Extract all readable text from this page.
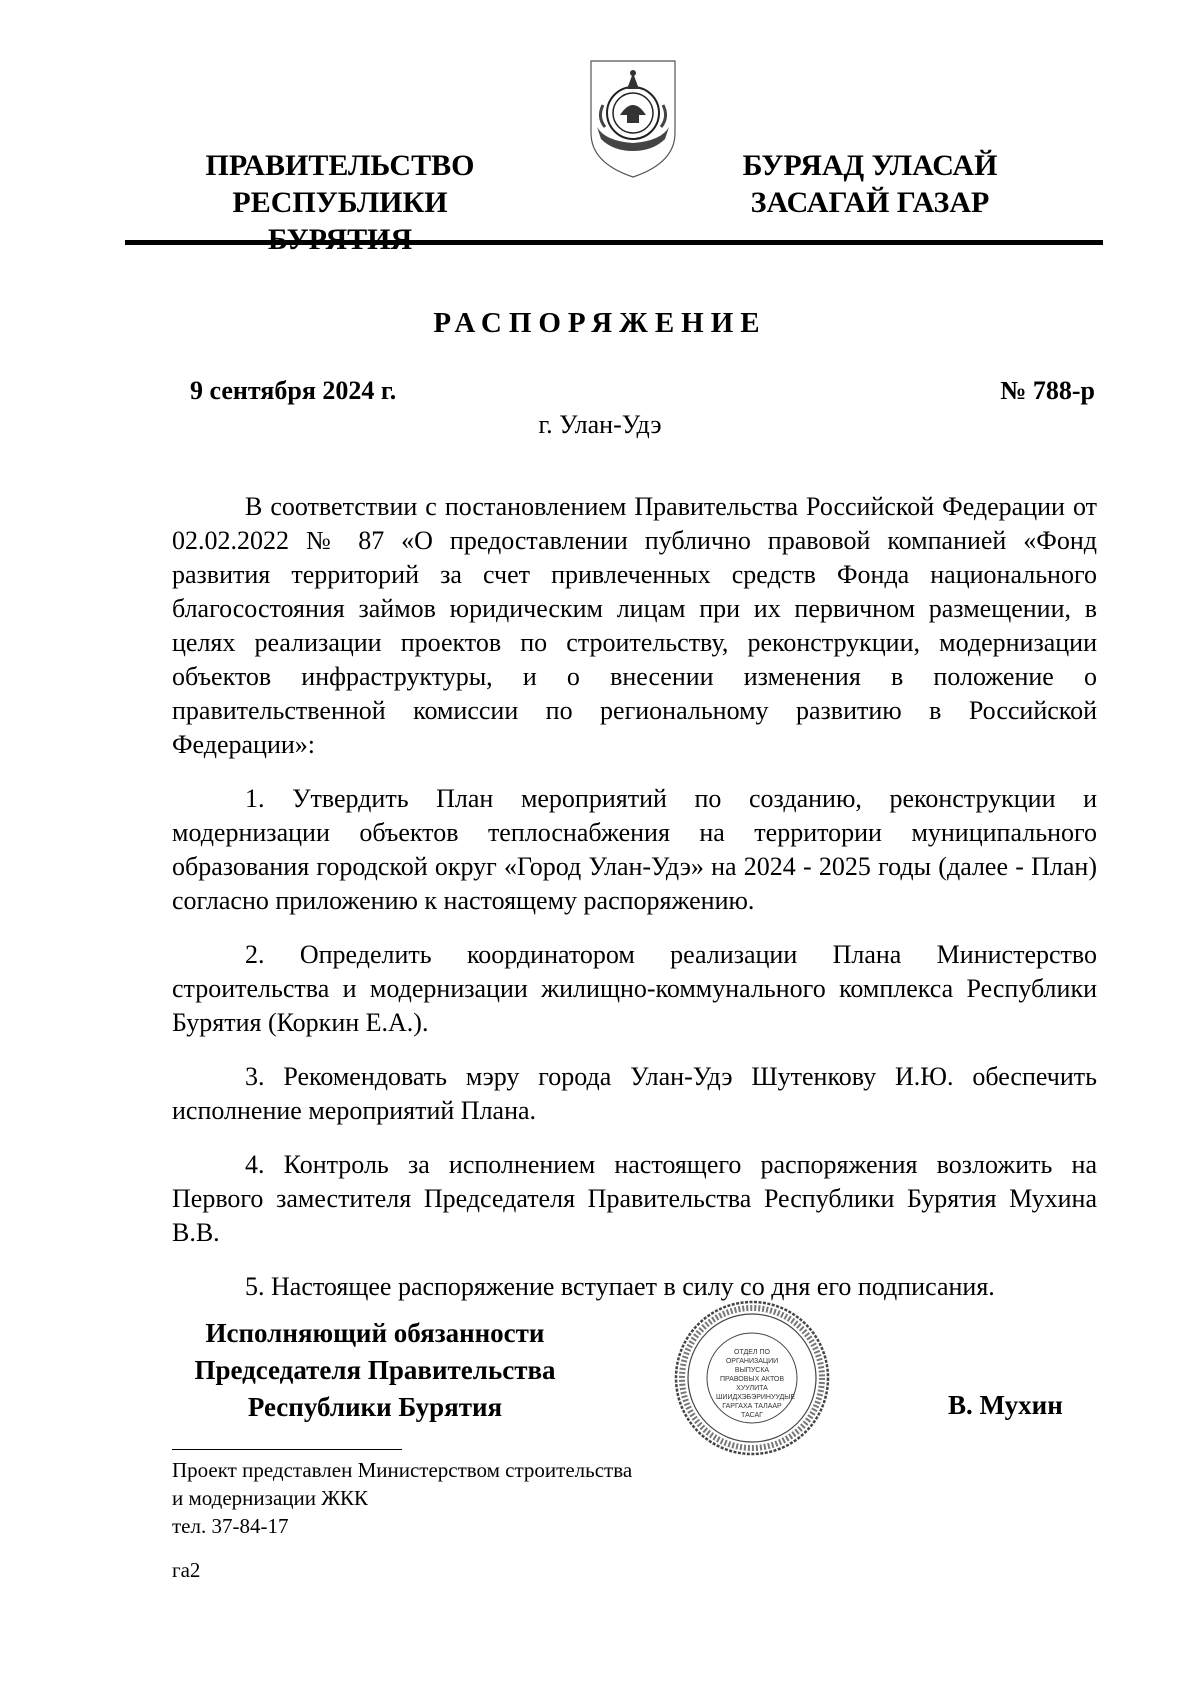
ПРАВИТЕЛЬСТВО
РЕСПУБЛИКИ
БУРЯАД УЛАСАЙ
ЗАСАГАЙ ГАЗАР
РАСПОРЯЖЕНИЕ
9 сентября 2024 г.	№ 788-р
г. Улан-Удэ

В соответствии с постановлением Правительства Российской Федерации от 02.02.2022 № 87 «О предоставлении публично правовой компанией «Фонд развития территорий за счет привлеченных средств Фонда национального благосостояния займов юридическим лицам при их первичном размещении, в целях реализации проектов по строительству, реконструкции, модернизации объектов инфраструктуры, и о внесении изменения в положение о правительственной комиссии по региональному развитию в Российской Федерации»:

1. Утвердить План мероприятий по созданию, реконструкции и модернизации объектов теплоснабжения на территории муниципального образования городской округ «Город Улан-Удэ» на 2024 - 2025 годы (далее - План) согласно приложению к настоящему распоряжению.

2. Определить координатором реализации Плана Министерство строительства и модернизации жилищно-коммунального комплекса Республики Бурятия (Коркин Е.А.).

3. Рекомендовать мэру города Улан-Удэ Шутенкову И.Ю. обеспечить исполнение мероприятий Плана.

4. Контроль за исполнением настоящего распоряжения возложить на Первого заместителя Председателя Правительства Республики Бурятия Мухина В.В.

5. Настоящее распоряжение вступает в силу со дня его подписания.

Исполняющий обязанности
Председателя Правительства
Республики Бурятия
ОТДЕЛ ПО ОРГАНИЗАЦИИ ВЫПУСКА ПРАВОВЫХ АКТОВ ХУУЛИТА ШИИДХЭБЭРИНУУДЫЕ ГАРГАХА ТАЛААР ТАСАГ	В. Мухин
Проект представлен Министерством строительства
и модернизации ЖКК
тел. 37-84-17
га2
